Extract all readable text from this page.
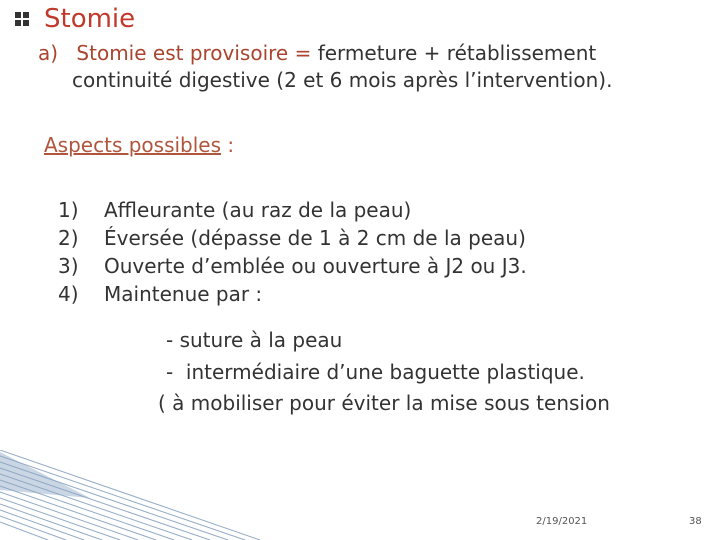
Stomie
a) Stomie est provisoire = fermeture + rétablissement
continuité digestive (2 et 6 mois après l’intervention).
Aspects possibles :
1)	Affleurante (au raz de la peau)
2)	Éversée (dépasse de 1 à 2 cm de la peau)
3)	Ouverte d’emblée ou ouverture à J2 ou J3.
4)	Maintenue par :
- suture à la peau
-  intermédiaire d’une baguette plastique.
( à mobiliser pour éviter la mise sous tension
2/19/2021	38
